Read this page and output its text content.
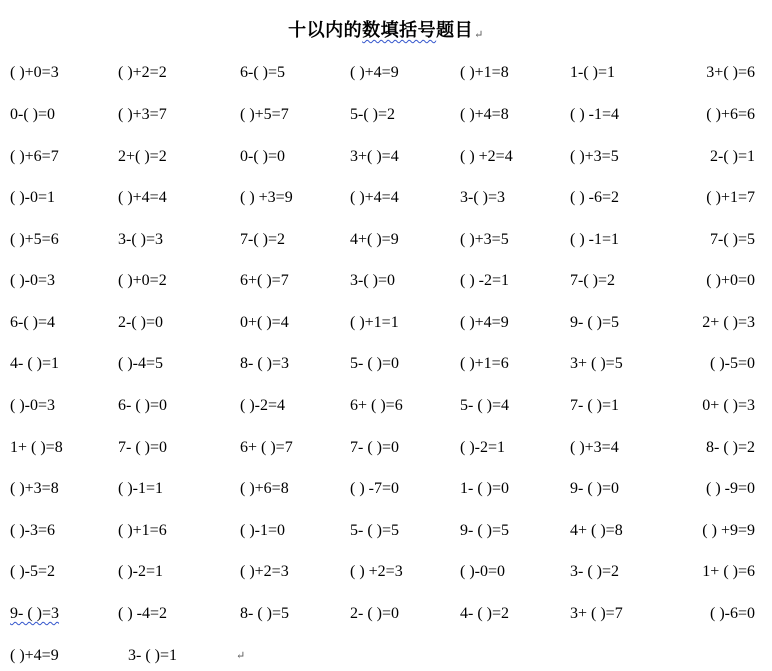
十以内的数填括号题目↵
( )+0=3	( )+2=2	6-( )=5	( )+4=9	( )+1=8	1-( )=1	3+( )=6
0-( )=0	( )+3=7	( )+5=7	5-( )=2	( )+4=8	( ) -1=4	( )+6=6
( )+6=7	2+( )=2	0-( )=0	3+( )=4	( ) +2=4	( )+3=5	2-( )=1
( )-0=1	( )+4=4	( ) +3=9	( )+4=4	3-( )=3	( ) -6=2	( )+1=7
( )+5=6	3-( )=3	7-( )=2	4+( )=9	( )+3=5	( ) -1=1	7-( )=5
( )-0=3	( )+0=2	6+( )=7	3-( )=0	( ) -2=1	7-( )=2	( )+0=0
6-( )=4	2-( )=0	0+( )=4	( )+1=1	( )+4=9	9- ( )=5	2+ ( )=3
4- ( )=1	( )-4=5	8- ( )=3	5- ( )=0	( )+1=6	3+ ( )=5	( )-5=0
( )-0=3	6- ( )=0	( )-2=4	6+ ( )=6	5- ( )=4	7- ( )=1	0+ ( )=3
1+ ( )=8	7- ( )=0	6+ ( )=7	7- ( )=0	( )-2=1	( )+3=4	8- ( )=2
( )+3=8	( )-1=1	( )+6=8	( ) -7=0	1- ( )=0	9- ( )=0	( ) -9=0
( )-3=6	( )+1=6	( )-1=0	5- ( )=5	9- ( )=5	4+ ( )=8	( ) +9=9
( )-5=2	( )-2=1	( )+2=3	( ) +2=3	( )-0=0	3- ( )=2	1+ ( )=6
9- ( )=3	( ) -4=2	8- ( )=5	2- ( )=0	4- ( )=2	3+ ( )=7	( )-6=0
( )+4=9	3- ( )=1	↵
